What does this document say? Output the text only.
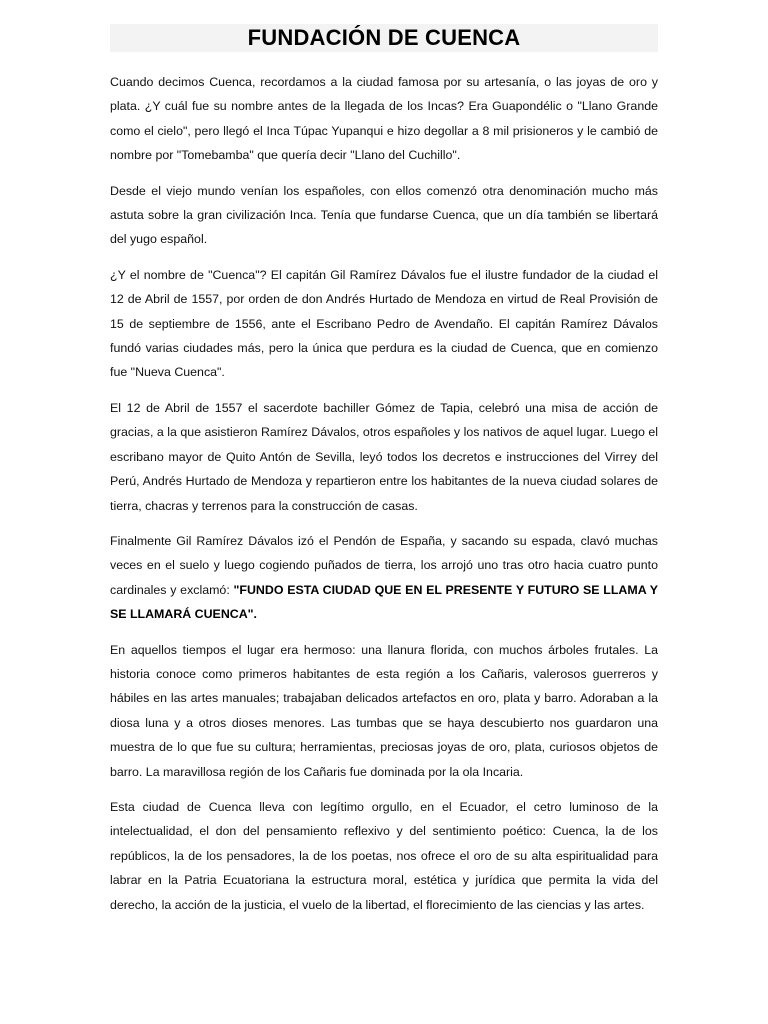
FUNDACIÓN DE CUENCA

Cuando decimos Cuenca, recordamos a la ciudad famosa por su artesanía, o las joyas de oro y plata. ¿Y cuál fue su nombre antes de la llegada de los Incas? Era Guapondélic o "Llano Grande como el cielo", pero llegó el Inca Túpac Yupanqui e hizo degollar a 8 mil prisioneros y le cambió de nombre por "Tomebamba" que quería decir "Llano del Cuchillo".

Desde el viejo mundo venían los españoles, con ellos comenzó otra denominación mucho más astuta sobre la gran civilización Inca. Tenía que fundarse Cuenca, que un día también se libertará del yugo español.

¿Y el nombre de "Cuenca"? El capitán Gil Ramírez Dávalos fue el ilustre fundador de la ciudad el 12 de Abril de 1557, por orden de don Andrés Hurtado de Mendoza en virtud de Real Provisión de 15 de septiembre de 1556, ante el Escribano Pedro de Avendaño. El capitán Ramírez Dávalos fundó varias ciudades más, pero la única que perdura es la ciudad de Cuenca, que en comienzo fue "Nueva Cuenca".

El 12 de Abril de 1557 el sacerdote bachiller Gómez de Tapia, celebró una misa de acción de gracias, a la que asistieron Ramírez Dávalos, otros españoles y los nativos de aquel lugar. Luego el escribano mayor de Quito Antón de Sevilla, leyó todos los decretos e instrucciones del Virrey del Perú, Andrés Hurtado de Mendoza y repartieron entre los habitantes de la nueva ciudad solares de tierra, chacras y terrenos para la construcción de casas.

Finalmente Gil Ramírez Dávalos izó el Pendón de España, y sacando su espada, clavó muchas veces en el suelo y luego cogiendo puñados de tierra, los arrojó uno tras otro hacia cuatro punto cardinales y exclamó: "FUNDO ESTA CIUDAD QUE EN EL PRESENTE Y FUTURO SE LLAMA Y SE LLAMARÁ CUENCA".

En aquellos tiempos el lugar era hermoso: una llanura florida, con muchos árboles frutales. La historia conoce como primeros habitantes de esta región a los Cañaris, valerosos guerreros y hábiles en las artes manuales; trabajaban delicados artefactos en oro, plata y barro. Adoraban a la diosa luna y a otros dioses menores. Las tumbas que se haya descubierto nos guardaron una muestra de lo que fue su cultura; herramientas, preciosas joyas de oro, plata, curiosos objetos de barro. La maravillosa región de los Cañaris fue dominada por la ola Incaria.

Esta ciudad de Cuenca lleva con legítimo orgullo, en el Ecuador, el cetro luminoso de la intelectualidad, el don del pensamiento reflexivo y del sentimiento poético: Cuenca, la de los repúblicos, la de los pensadores, la de los poetas, nos ofrece el oro de su alta espiritualidad para labrar en la Patria Ecuatoriana la estructura moral, estética y jurídica que permita la vida del derecho, la acción de la justicia, el vuelo de la libertad, el florecimiento de las ciencias y las artes.
